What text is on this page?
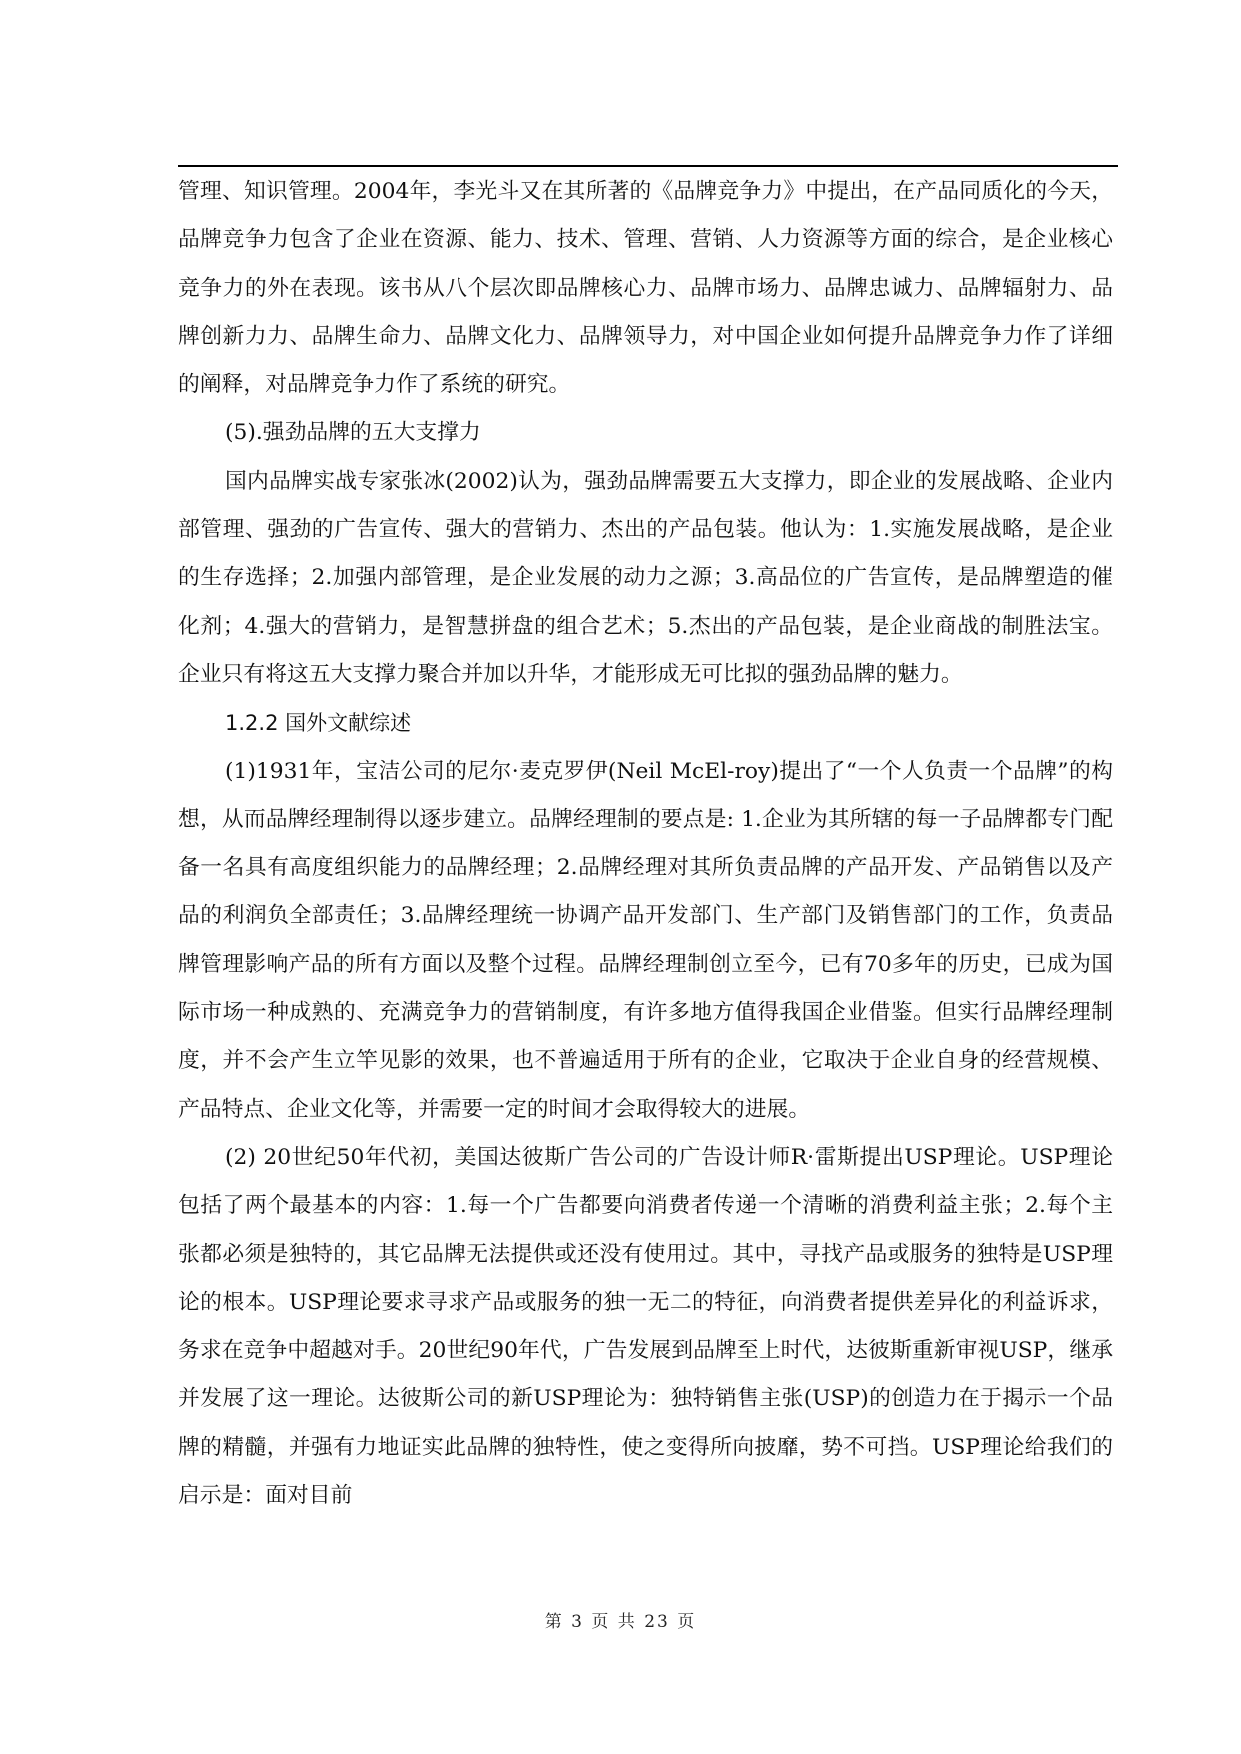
管理、知识管理。2004年，李光斗又在其所著的《品牌竞争力》中提出，在产品同质化的今天，品牌竞争力包含了企业在资源、能力、技术、管理、营销、人力资源等方面的综合，是企业核心竞争力的外在表现。该书从八个层次即品牌核心力、品牌市场力、品牌忠诚力、品牌辐射力、品牌创新力力、品牌生命力、品牌文化力、品牌领导力，对中国企业如何提升品牌竞争力作了详细的阐释，对品牌竞争力作了系统的研究。

(5).强劲品牌的五大支撑力

国内品牌实战专家张冰(2002)认为，强劲品牌需要五大支撑力，即企业的发展战略、企业内部管理、强劲的广告宣传、强大的营销力、杰出的产品包装。他认为：1.实施发展战略，是企业的生存选择；2.加强内部管理，是企业发展的动力之源；3.高品位的广告宣传，是品牌塑造的催化剂；4.强大的营销力，是智慧拼盘的组合艺术；5.杰出的产品包装，是企业商战的制胜法宝。企业只有将这五大支撑力聚合并加以升华，才能形成无可比拟的强劲品牌的魅力。

1.2.2 国外文献综述

(1)1931年，宝洁公司的尼尔·麦克罗伊(Neil McEl-roy)提出了“一个人负责一个品牌”的构想，从而品牌经理制得以逐步建立。品牌经理制的要点是: 1.企业为其所辖的每一子品牌都专门配备一名具有高度组织能力的品牌经理；2.品牌经理对其所负责品牌的产品开发、产品销售以及产品的利润负全部责任；3.品牌经理统一协调产品开发部门、生产部门及销售部门的工作，负责品牌管理影响产品的所有方面以及整个过程。品牌经理制创立至今，已有70多年的历史，已成为国际市场一种成熟的、充满竞争力的营销制度，有许多地方值得我国企业借鉴。但实行品牌经理制度，并不会产生立竿见影的效果，也不普遍适用于所有的企业，它取决于企业自身的经营规模、产品特点、企业文化等，并需要一定的时间才会取得较大的进展。

(2) 20世纪50年代初，美国达彼斯广告公司的广告设计师R·雷斯提出USP理论。USP理论包括了两个最基本的内容：1.每一个广告都要向消费者传递一个清晰的消费利益主张；2.每个主张都必须是独特的，其它品牌无法提供或还没有使用过。其中，寻找产品或服务的独特是USP理论的根本。USP理论要求寻求产品或服务的独一无二的特征，向消费者提供差异化的利益诉求，务求在竞争中超越对手。20世纪90年代，广告发展到品牌至上时代，达彼斯重新审视USP，继承并发展了这一理论。达彼斯公司的新USP理论为：独特销售主张(USP)的创造力在于揭示一个品牌的精髓，并强有力地证实此品牌的独特性，使之变得所向披靡，势不可挡。USP理论给我们的启示是：面对目前

第 3 页 共 23 页
